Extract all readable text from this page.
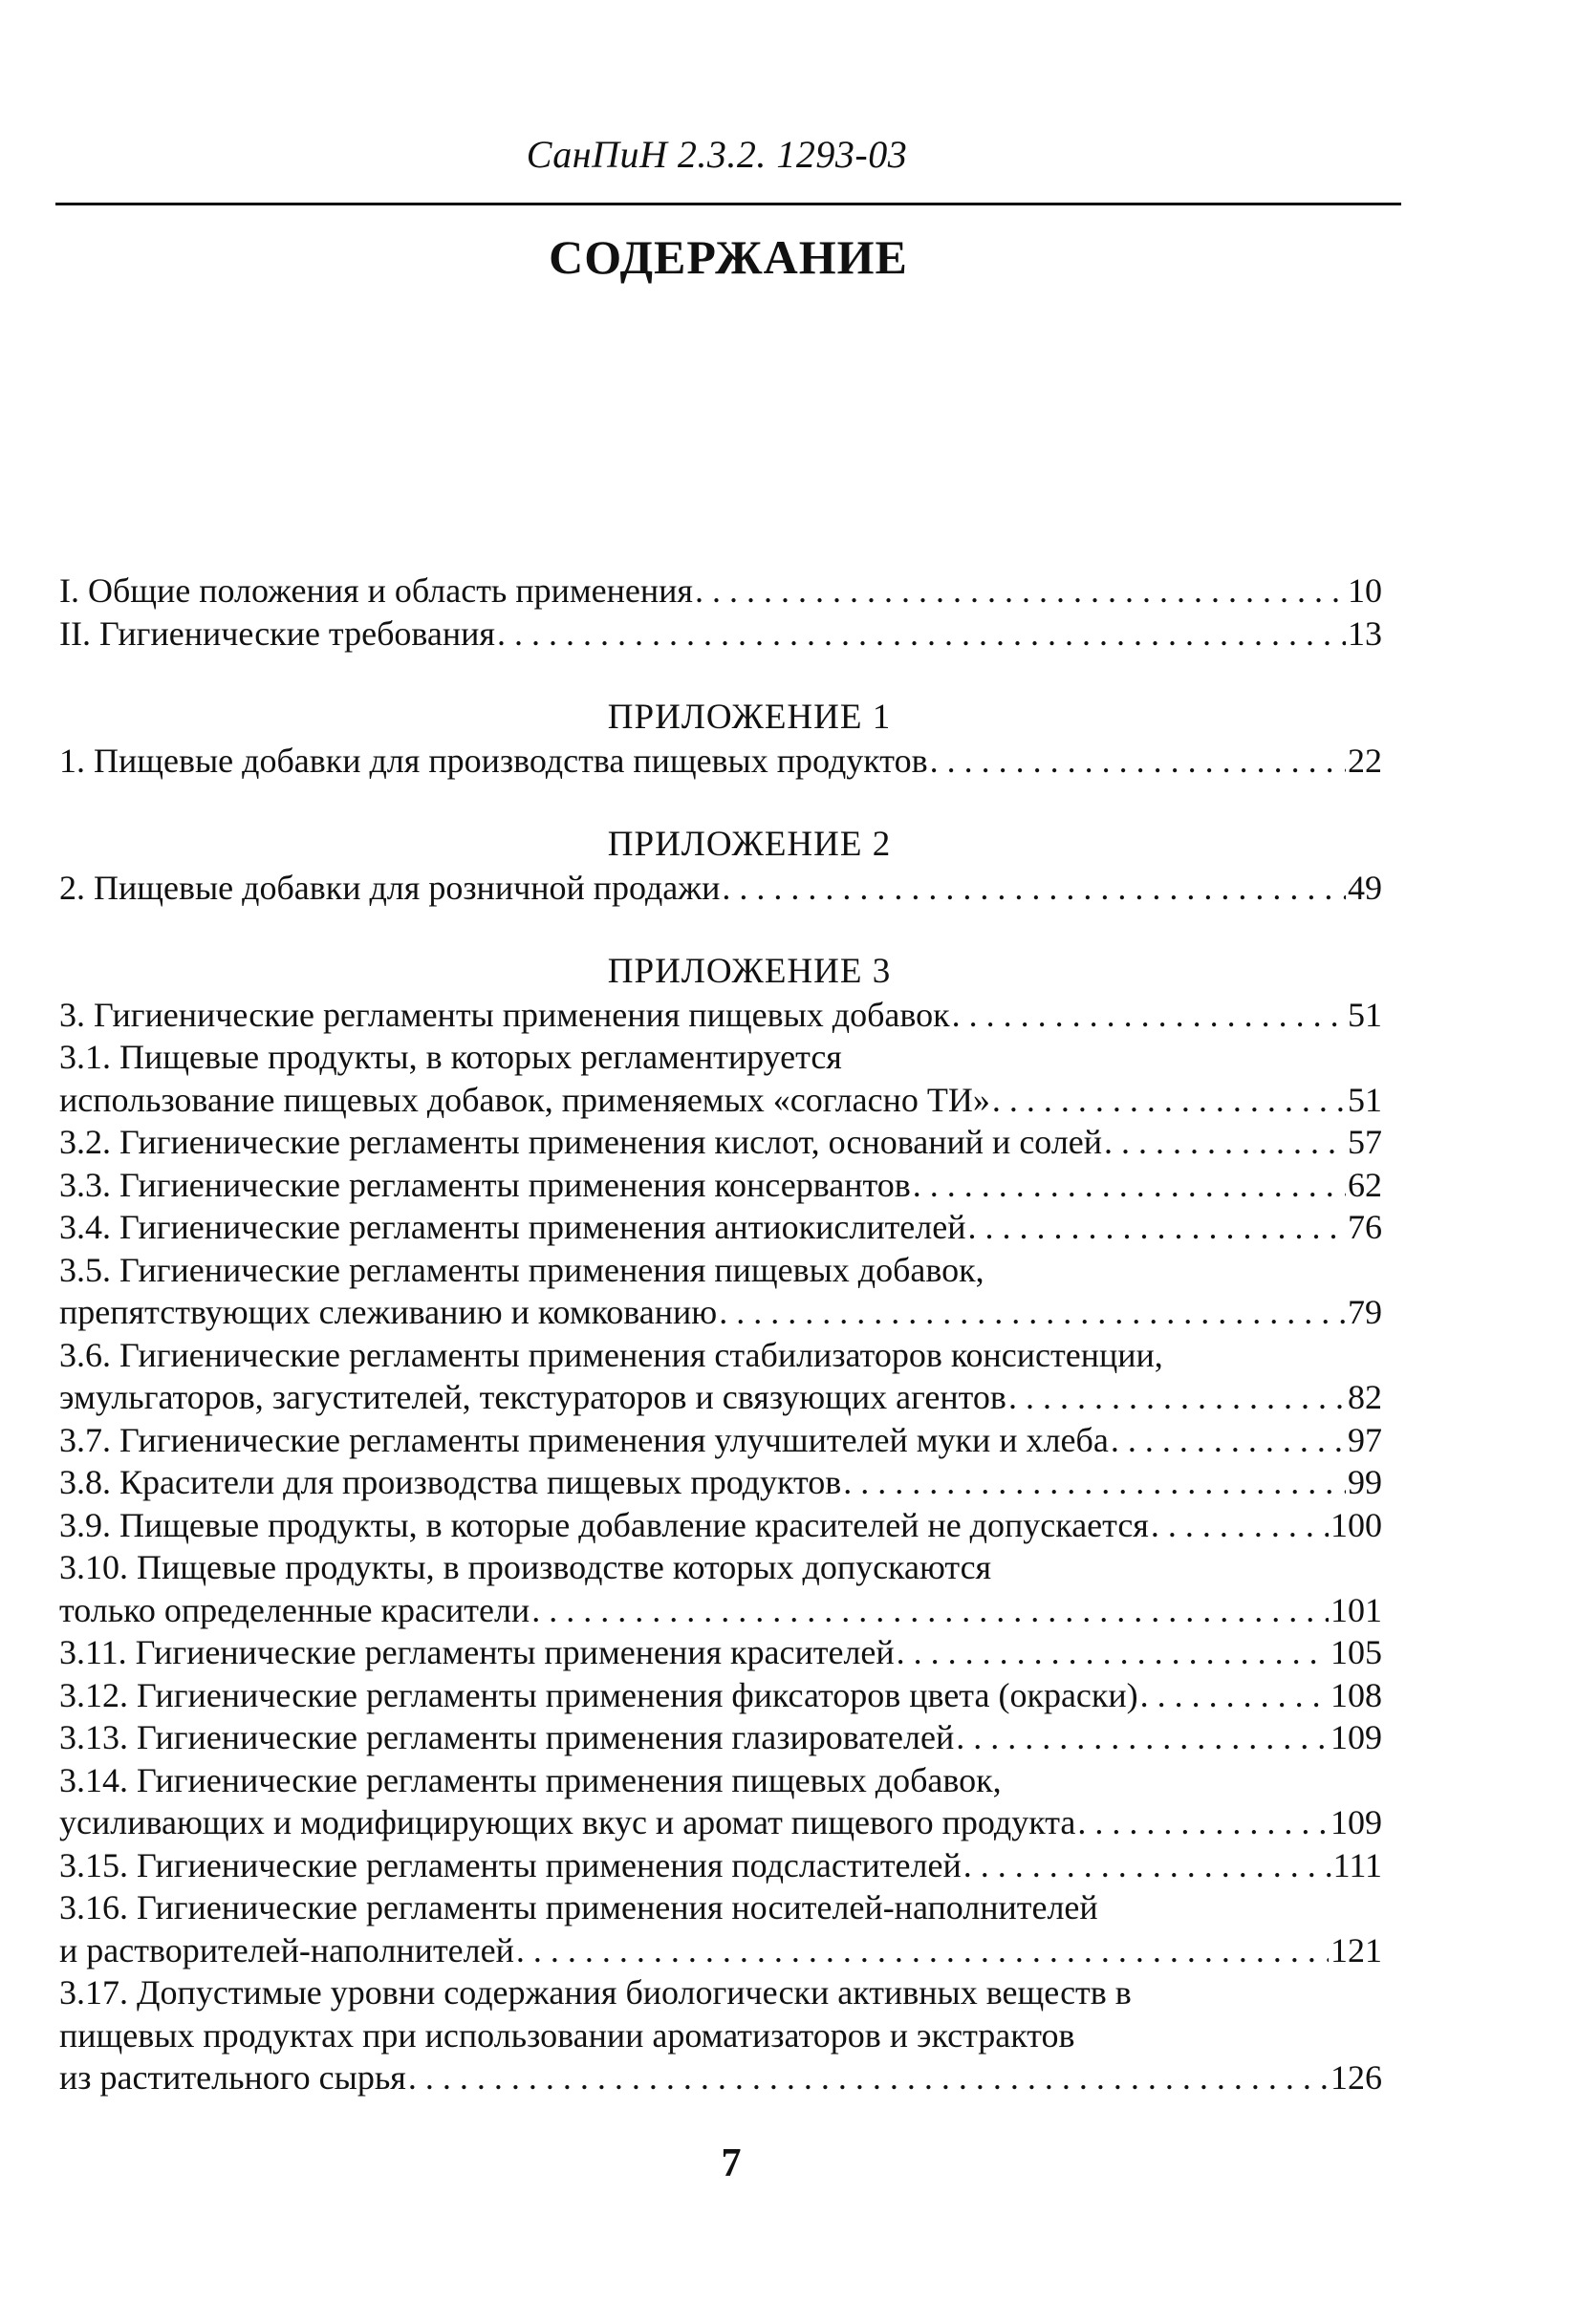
СанПиН 2.3.2. 1293-03
СОДЕРЖАНИЕ
I. Общие положения и область применения . . .	10
II. Гигиенические требования . . .	13
ПРИЛОЖЕНИЕ 1
1. Пищевые добавки для производства пищевых продуктов . . .	22
ПРИЛОЖЕНИЕ 2
2. Пищевые добавки для розничной продажи . . .	49
ПРИЛОЖЕНИЕ 3
3. Гигиенические регламенты применения пищевых добавок . . .	51
3.1. Пищевые продукты, в которых регламентируется
использование пищевых добавок, применяемых «согласно ТИ» . . .	51
3.2. Гигиенические регламенты применения кислот, оснований и солей . . .	57
3.3. Гигиенические регламенты применения консервантов . . .	62
3.4. Гигиенические регламенты применения антиокислителей . . .	76
3.5. Гигиенические регламенты применения пищевых добавок,
препятствующих слеживанию и комкованию . . .	79
3.6. Гигиенические регламенты применения стабилизаторов консистенции,
эмульгаторов, загустителей, текстураторов и связующих агентов . . .	82
3.7. Гигиенические регламенты применения улучшителей муки и хлеба . . .	97
3.8. Красители для производства пищевых продуктов . . .	99
3.9. Пищевые продукты, в которые добавление красителей не допускается . . .	100
3.10. Пищевые продукты, в производстве которых допускаются
только определенные красители . . .	101
3.11. Гигиенические регламенты применения красителей . . .	105
3.12. Гигиенические регламенты применения фиксаторов цвета (окраски) . . .	108
3.13. Гигиенические регламенты применения глазирователей . . .	109
3.14. Гигиенические регламенты применения пищевых добавок,
усиливающих и модифицирующих вкус и аромат пищевого продукта . . .	109
3.15. Гигиенические регламенты применения подсластителей . . .	111
3.16. Гигиенические регламенты применения носителей-наполнителей
и растворителей-наполнителей . . .	121
3.17. Допустимые уровни содержания биологически активных веществ в
пищевых продуктах при использовании ароматизаторов и экстрактов
из растительного сырья . . .	126
7
